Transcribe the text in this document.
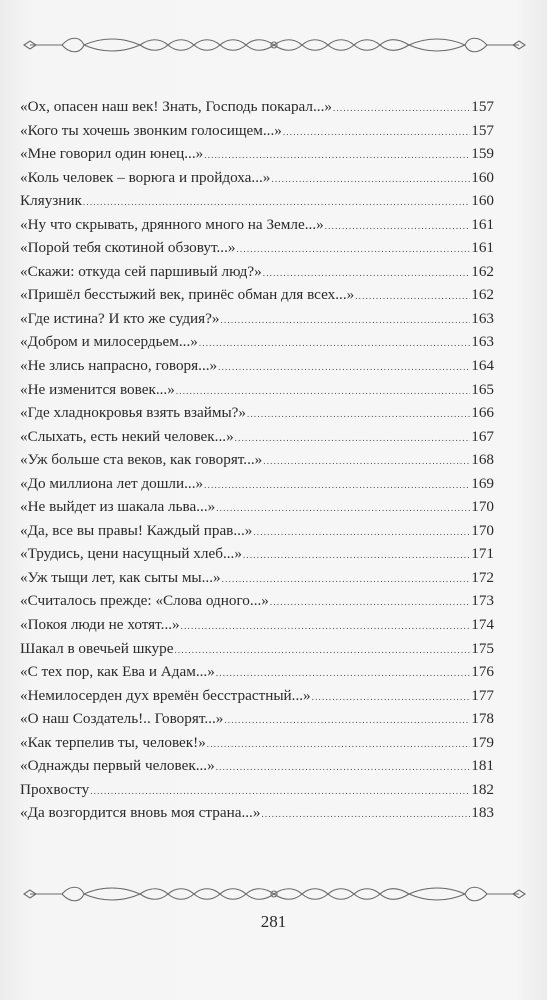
«Ох, опасен наш век! Знать, Господь покарал...» .....	157
«Кого ты хочешь звонким голосищем...» .....	157
«Мне говорил один юнец...» .....	159
«Коль человек – ворюга и пройдоха...» .....	160
Кляузник .....	160
«Ну что скрывать, дрянного много на Земле...» .....	161
«Порой тебя скотиной обзовут...» .....	161
«Скажи: откуда сей паршивый люд?» .....	162
«Пришёл бесстыжий век, принёс обман для всех...» .....	162
«Где истина? И кто же судия?» .....	163
«Добром и милосердьем...» .....	163
«Не злись напрасно, говоря...» .....	164
«Не изменится вовек...» .....	165
«Где хладнокровья взять взаймы?» .....	166
«Слыхать, есть некий человек...» .....	167
«Уж больше ста веков, как говорят...» .....	168
«До миллиона лет дошли...» .....	169
«Не выйдет из шакала льва...» .....	170
«Да, все вы правы! Каждый прав...» .....	170
«Трудись, цени насущный хлеб...» .....	171
«Уж тыщи лет, как сыты мы...» .....	172
«Считалось прежде: «Слова одного...» .....	173
«Покоя люди не хотят...» .....	174
Шакал в овечьей шкуре .....	175
«С тех пор, как Ева и Адам...» .....	176
«Немилосерден дух времён бесстрастный...» .....	177
«О наш Создатель!.. Говорят...» .....	178
«Как терпелив ты, человек!» .....	179
«Однажды первый человек...» .....	181
Прохвосту .....	182
«Да возгордится вновь моя страна...» .....	183
281
